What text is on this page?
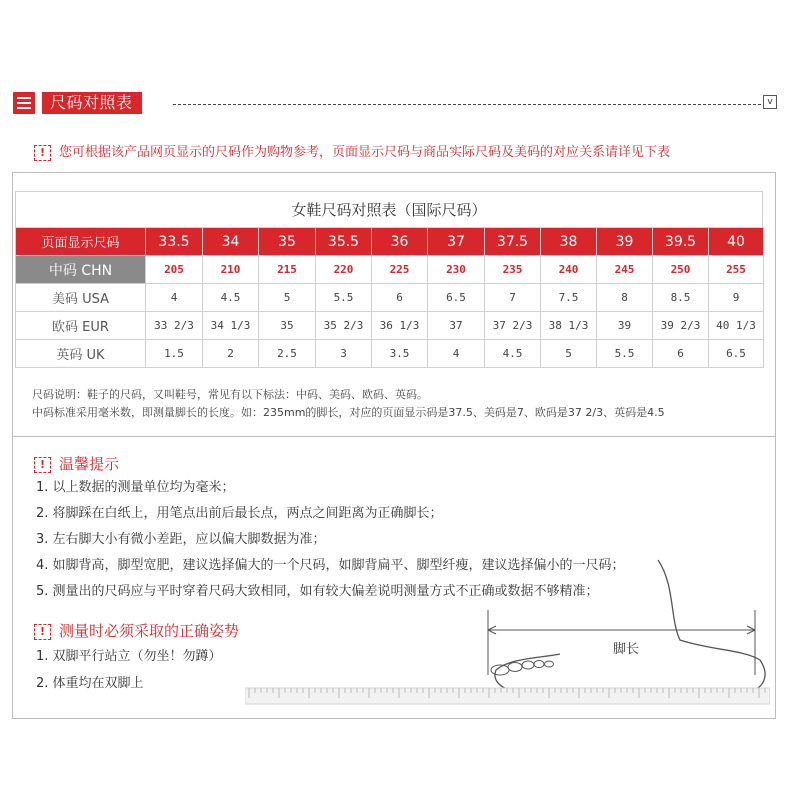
尺码对照表	v
! 您可根据该产品网页显示的尺码作为购物参考，页面显示尺码与商品实际尺码及美码的对应关系请详见下表
女鞋尺码对照表（国际尺码）
页面显示尺码	33.5	34	35	35.5	36	37	37.5	38	39	39.5	40
中码 CHN	205	210	215	220	225	230	235	240	245	250	255
美码 USA	4	4.5	5	5.5	6	6.5	7	7.5	8	8.5	9
欧码 EUR	33 2/3	34 1/3	35	35 2/3	36 1/3	37	37 2/3	38 1/3	39	39 2/3	40 1/3
英码 UK	1.5	2	2.5	3	3.5	4	4.5	5	5.5	6	6.5
尺码说明：鞋子的尺码，又叫鞋号，常见有以下标法：中码、美码、欧码、英码。
中码标准采用毫米数，即测量脚长的长度。如：235mm的脚长，对应的页面显示码是37.5、美码是7、欧码是37 2/3、英码是4.5
! 温馨提示
1. 以上数据的测量单位均为毫米；
2. 将脚踩在白纸上，用笔点出前后最长点，两点之间距离为正确脚长；
3. 左右脚大小有微小差距，应以偏大脚数据为准；
4. 如脚背高，脚型宽肥，建议选择偏大的一个尺码，如脚背扁平、脚型纤瘦，建议选择偏小的一尺码；
5. 测量出的尺码应与平时穿着尺码大致相同，如有较大偏差说明测量方式不正确或数据不够精准；
! 测量时必须采取的正确姿势
1. 双脚平行站立（勿坐！勿蹲）
2. 体重均在双脚上
脚长
